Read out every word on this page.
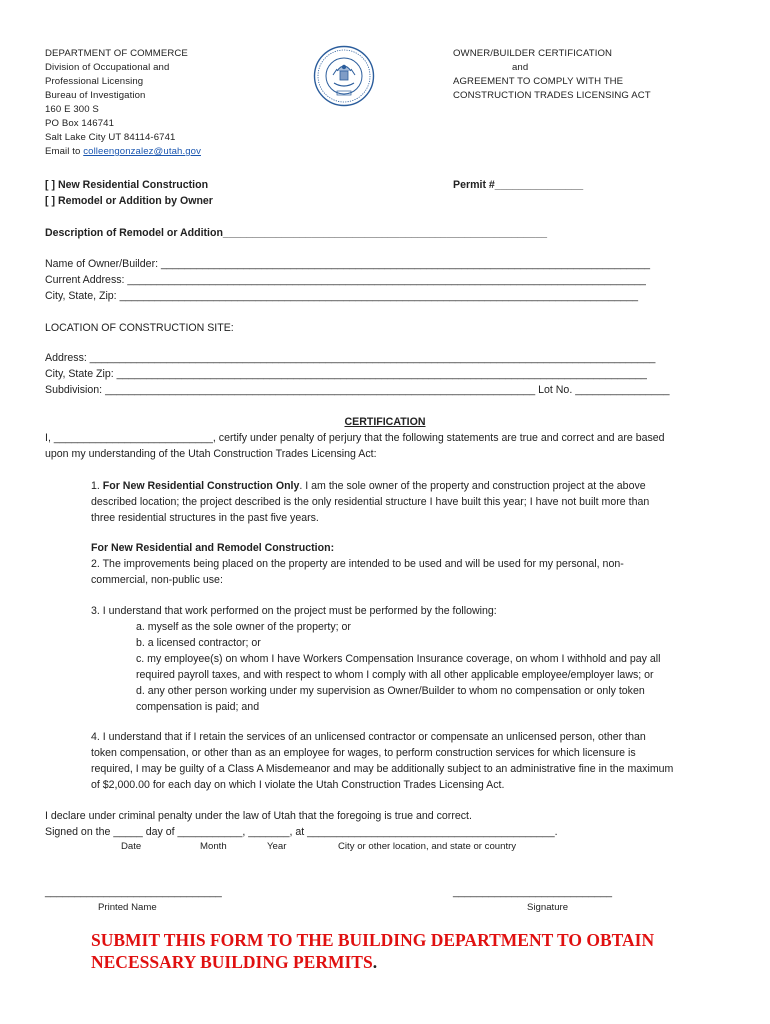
DEPARTMENT OF COMMERCE
Division of Occupational and
Professional Licensing
Bureau of Investigation
160 E 300 S
PO Box 146741
Salt Lake City UT 84114-6741
Email to colleengonzalez@utah.gov
OWNER/BUILDER CERTIFICATION
and
AGREEMENT TO COMPLY WITH THE
CONSTRUCTION TRADES LICENSING ACT
[ ] New Residential Construction
[ ] Remodel or Addition by Owner
Permit #_______________
Description of Remodel or Addition_______________________________________________________
Name of Owner/Builder: ___________________________________________________________________________________
Current Address: ________________________________________________________________________________________
City, State, Zip: ________________________________________________________________________________________
LOCATION OF CONSTRUCTION SITE:
Address: ________________________________________________________________________________________________
City, State Zip: __________________________________________________________________________________________
Subdivision: _________________________________________________________________________ Lot No. ________________
CERTIFICATION
I, ___________________________, certify under penalty of perjury that the following statements are true and correct and are based
upon my understanding of the Utah Construction Trades Licensing Act:
1. For New Residential Construction Only. I am the sole owner of the property and construction project at the above
described location; the project described is the only residential structure I have built this year; I have not built more than
three residential structures in the past five years.
For New Residential and Remodel Construction:
2. The improvements being placed on the property are intended to be used and will be used for my personal, non-
commercial, non-public use:
3. I understand that work performed on the project must be performed by the following:
a. myself as the sole owner of the property; or
b. a licensed contractor; or
c. my employee(s) on whom I have Workers Compensation Insurance coverage, on whom I withhold and pay all
required payroll taxes, and with respect to whom I comply with all other applicable employee/employer laws; or
d. any other person working under my supervision as Owner/Builder to whom no compensation or only token
compensation is paid; and
4. I understand that if I retain the services of an unlicensed contractor or compensate an unlicensed person, other than
token compensation, or other than as an employee for wages, to perform construction services for which licensure is
required, I may be guilty of a Class A Misdemeanor and may be additionally subject to an administrative fine in the maximum
of $2,000.00 for each day on which I violate the Utah Construction Trades Licensing Act.
I declare under criminal penalty under the law of Utah that the foregoing is true and correct.
Signed on the _____ day of ___________, _______, at __________________________________________.
Date	Month	Year	City or other location, and state or country
______________________________
Printed Name
___________________________
Signature
SUBMIT THIS FORM TO THE BUILDING DEPARTMENT TO OBTAIN
NECESSARY BUILDING PERMITS.
